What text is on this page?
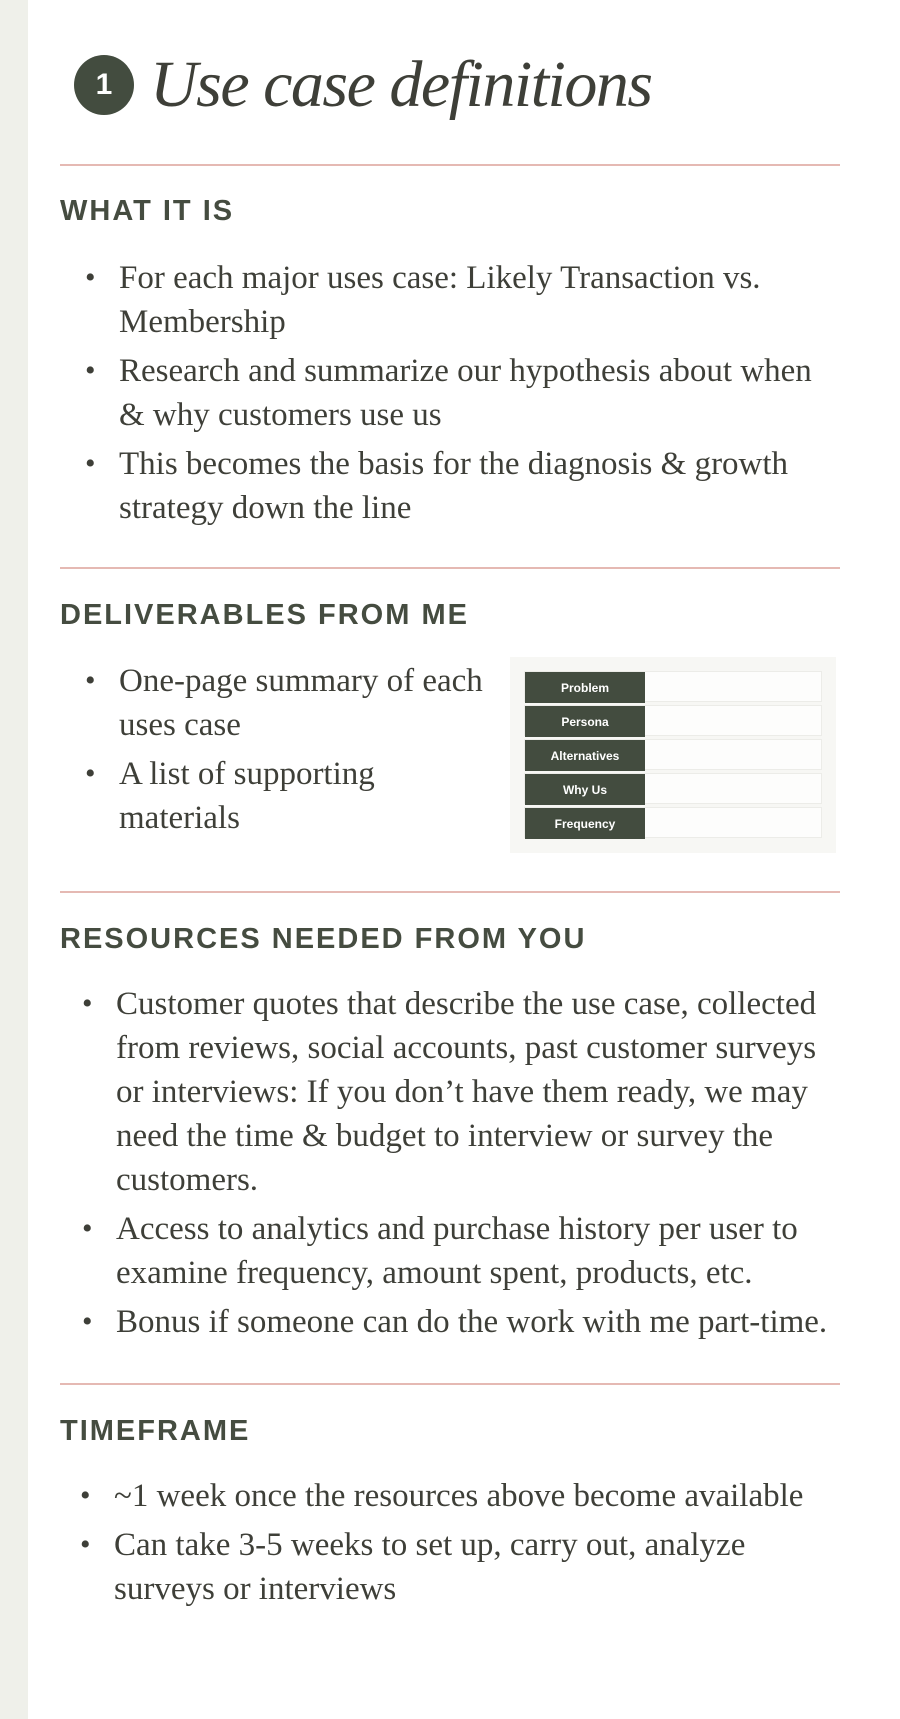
1 Use case definitions
WHAT IT IS
• For each major uses case: Likely Transaction vs. Membership
• Research and summarize our hypothesis about when & why customers use us
• This becomes the basis for the diagnosis & growth strategy down the line
DELIVERABLES FROM ME
• One-page summary of each uses case
• A list of supporting materials
Problem
Persona
Alternatives
Why Us
Frequency
RESOURCES NEEDED FROM YOU
• Customer quotes that describe the use case, collected from reviews, social accounts, past customer surveys or interviews: If you don’t have them ready, we may need the time & budget to interview or survey the customers.
• Access to analytics and purchase history per user to examine frequency, amount spent, products, etc.
• Bonus if someone can do the work with me part-time.
TIMEFRAME
• ~1 week once the resources above become available
• Can take 3-5 weeks to set up, carry out, analyze surveys or interviews
